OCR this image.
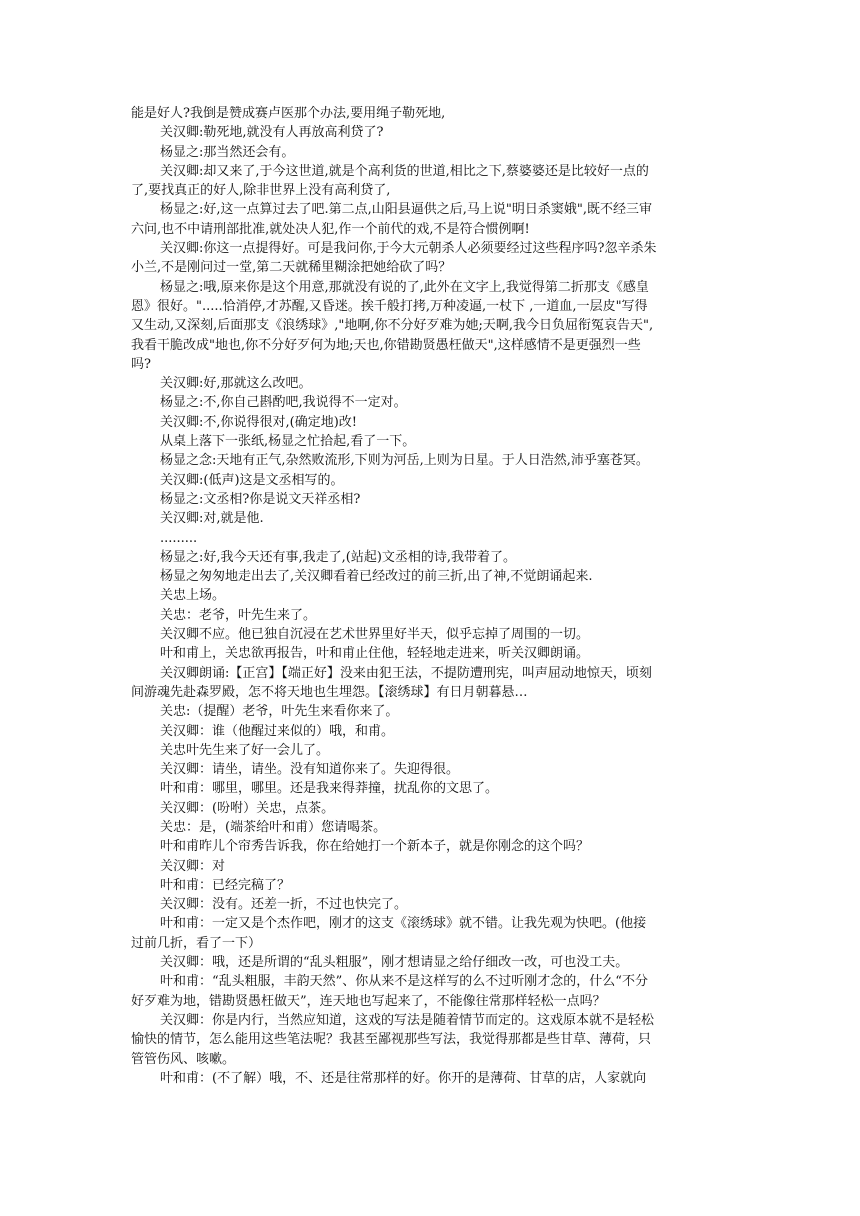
能是好人?我倒是赞成赛卢医那个办法,要用绳子勒死地,
关汉卿:勒死地,就没有人再放高利贷了?
杨显之:那当然还会有。
关汉卿:却又来了,于今这世道,就是个高利货的世道,相比之下,蔡婆婆还是比较好一点的
了,要找真正的好人,除非世界上没有高利贷了,
杨显之:好,这一点算过去了吧.第二点,山阳县逼供之后,马上说"明日杀窦娥",既不经三审
六问,也不中请刑部批准,就处决人犯,作一个前代的戏,不是符合惯例啊!
关汉卿:你这一点提得好。可是我问你,于今大元朝杀人必须要经过这些程序吗?忽辛杀朱
小兰,不是刚问过一堂,第二天就稀里糊涂把她给砍了吗？
杨显之:哦,原来你是这个用意,那就没有说的了,此外在文字上,我觉得第二折那支《感皇
恩》很好。".....恰消停,才苏醒,又昏迷。挨千般打拷,万种凌逼,一杖下 ,一道血,一层皮"写得
又生动,又深刻,后面那支《浪绣球》,"地啊,你不分好歹难为她;天啊,我今日负屈衔冤哀告天",
我看干脆改成"地也,你不分好歹何为地;天也,你错勘贤愚枉做天",这样感情不是更强烈一些
吗?
关汉卿:好,那就这么改吧。
杨显之:不,你自己斟酌吧,我说得不一定对。
关汉卿:不,你说得很对,(确定地)改!
从桌上落下一张纸,杨显之忙拾起,看了一下。
杨显之念:天地有正气,杂然败流形,下则为河岳,上则为日星。于人日浩然,沛乎塞苍冥。
关汉卿:(低声)这是文丞相写的。
杨显之:文丞相?你是说文天祥丞相?
关汉卿:对,就是他.
.........
杨显之:好,我今天还有事,我走了,(站起)文丞相的诗,我带着了。
杨显之匆匆地走出去了,关汉卿看着已经改过的前三折,出了神,不觉朗诵起来.
关忠上场。
关忠：老爷，叶先生来了。
关汉卿不应。他已独自沉浸在艺术世界里好半天，似乎忘掉了周围的一切。
叶和甫上，关忠欲再报告，叶和甫止住他，轻轻地走进来，听关汉卿朗诵。
关汉卿朗诵:【正宫】【端正好】没来由犯王法，不提防遭刑宪，叫声屈动地惊天，顷刻
间游魂先赴森罗殿，怎不将天地也生埋怨。【滚绣球】有日月朝暮悬…
关忠:（提醒）老爷，叶先生来看你来了。
关汉卿：谁（他醒过来似的）哦，和甫。
关忠叶先生来了好一会儿了。
关汉卿：请坐，请坐。没有知道你来了。失迎得很。
叶和甫：哪里，哪里。还是我来得莽撞，扰乱你的文思了。
关汉卿：(吩咐）关忠，点茶。
关忠：是，(端茶给叶和甫）您请喝茶。
叶和甫昨儿个帘秀告诉我，你在给她打一个新本子，就是你刚念的这个吗？
关汉卿：对
叶和甫：已经完稿了？
关汉卿：没有。还差一折，不过也快完了。
叶和甫：一定又是个杰作吧，刚才的这支《滚绣球》就不错。让我先观为快吧。(他接
过前几折，看了一下）
关汉卿：哦，还是所谓的“乱头粗服”，刚才想请显之给仔细改一改，可也没工夫。
叶和甫：“乱头粗服，丰韵天然”、你从来不是这样写的么不过听刚才念的，什么“不分
好歹难为地，错勘贤愚枉做天”，连天地也写起来了，不能像往常那样轻松一点吗？
关汉卿：你是内行，当然应知道，这戏的写法是随着情节而定的。这戏原本就不是轻松
愉快的情节，怎么能用这些笔法呢？我甚至鄙视那些写法，我觉得那都是些甘草、薄荷，只
管管伤风、咳嗽。
叶和甫：(不了解）哦，不、还是往常那样的好。你开的是薄荷、甘草的店，人家就向
